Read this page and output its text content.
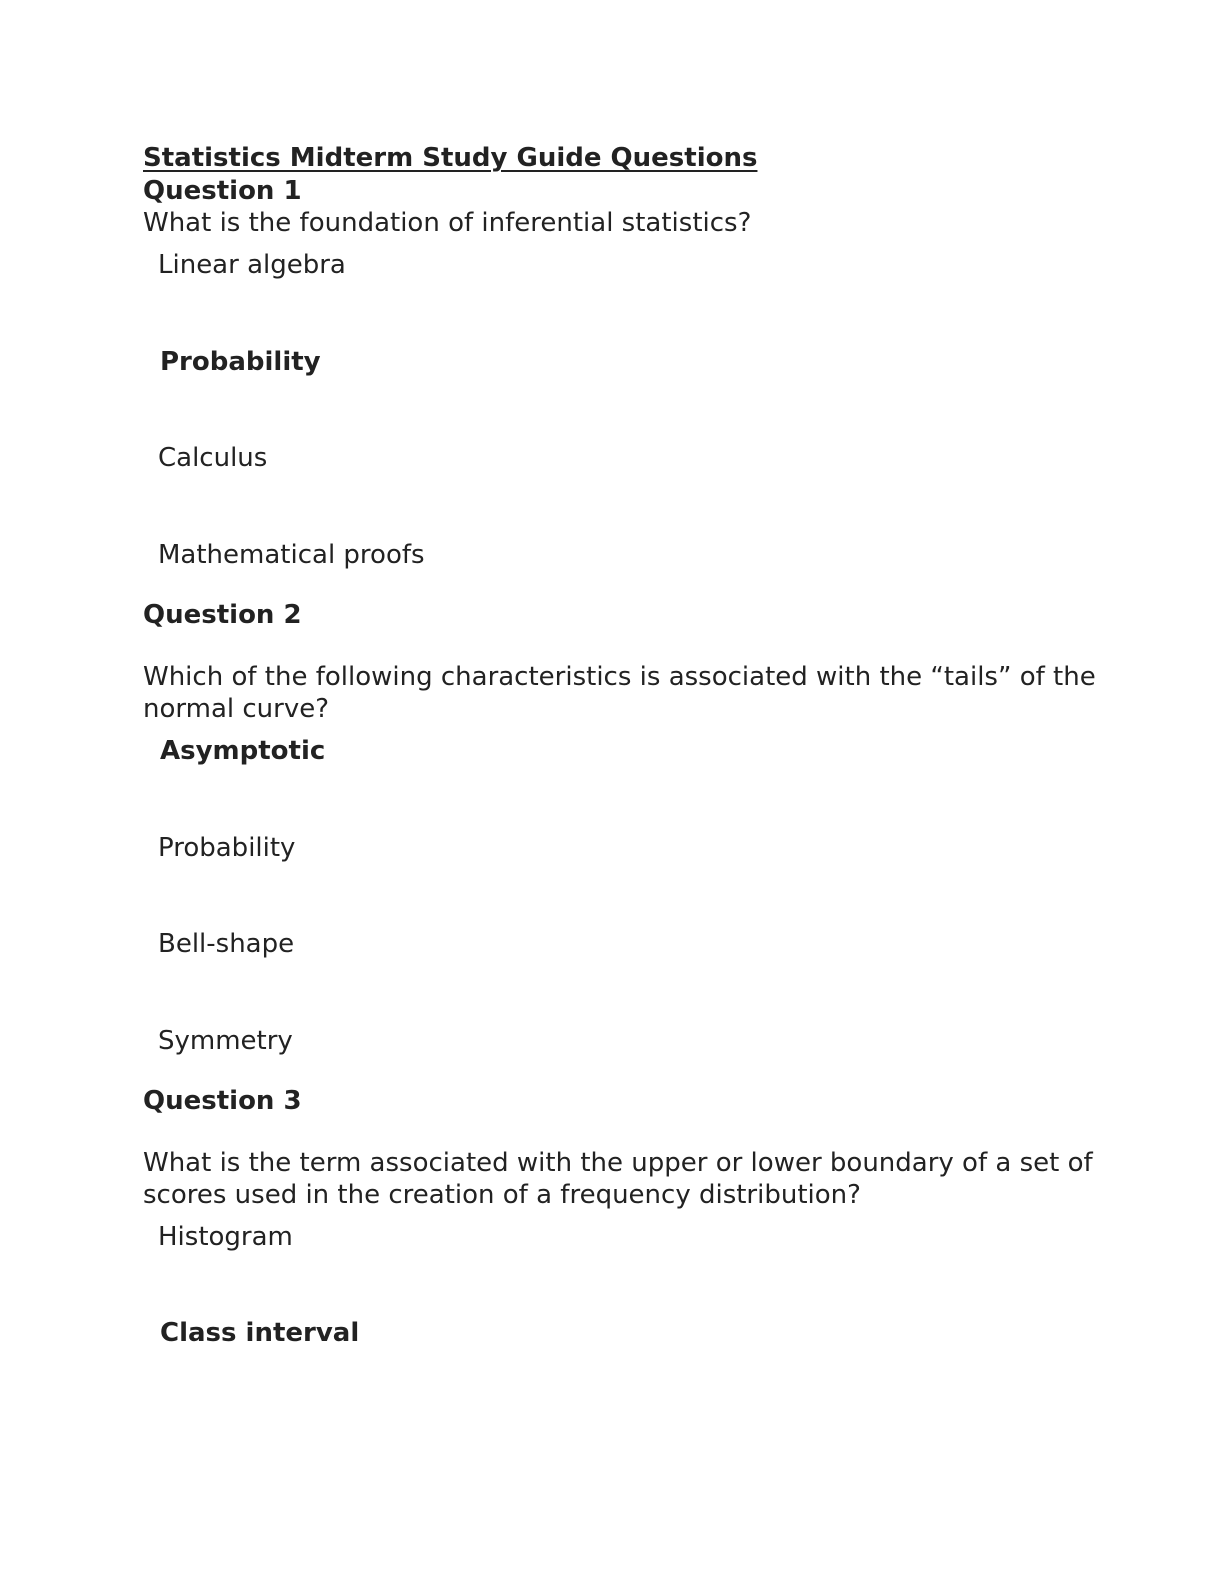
Statistics Midterm Study Guide Questions
Question 1
What is the foundation of inferential statistics?
Linear algebra
Probability
Calculus
Mathematical proofs
Question 2
Which of the following characteristics is associated with the “tails” of the normal curve?
Asymptotic
Probability
Bell-shape
Symmetry
Question 3
What is the term associated with the upper or lower boundary of a set of scores used in the creation of a frequency distribution?
Histogram
Class interval
